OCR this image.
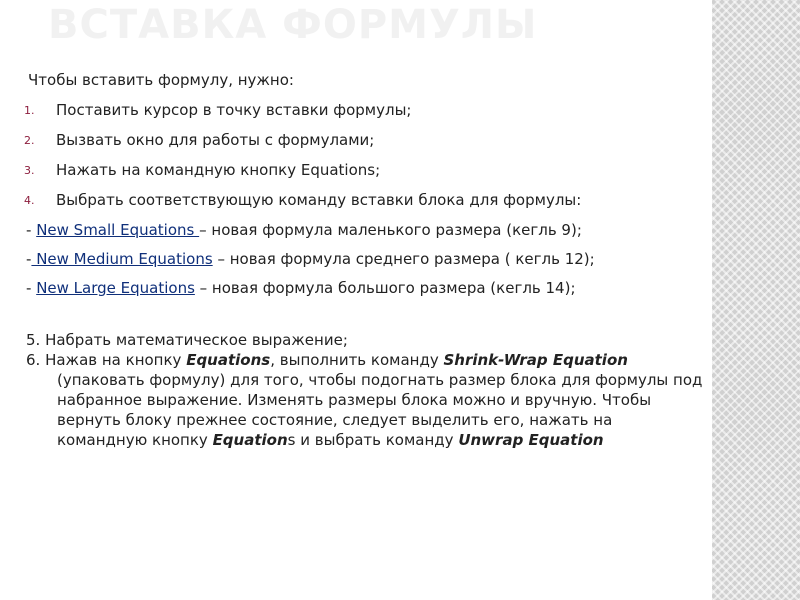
ВСТАВКА ФОРМУЛЫ

Чтобы вставить формулу, нужно:

1. Поставить курсор в точку вставки формулы;
2. Вызвать окно для работы с формулами;
3. Нажать на командную кнопку Equations;
4. Выбрать соответствующую команду вставки блока для формулы:

- New Small Equations – новая формула маленького размера (кегль 9);

- New Medium Equations – новая формула среднего размера ( кегль 12);

- New Large Equations – новая формула большого размера (кегль 14);

5. Набрать математическое выражение;

6. Нажав на кнопку Equations, выполнить команду Shrink-Wrap Equation (упаковать формулу) для того, чтобы подогнать размер блока для формулы под набранное выражение. Изменять размеры блока можно и вручную. Чтобы вернуть блоку прежнее состояние, следует выделить его, нажать на командную кнопку Equations и выбрать команду Unwrap Equation
